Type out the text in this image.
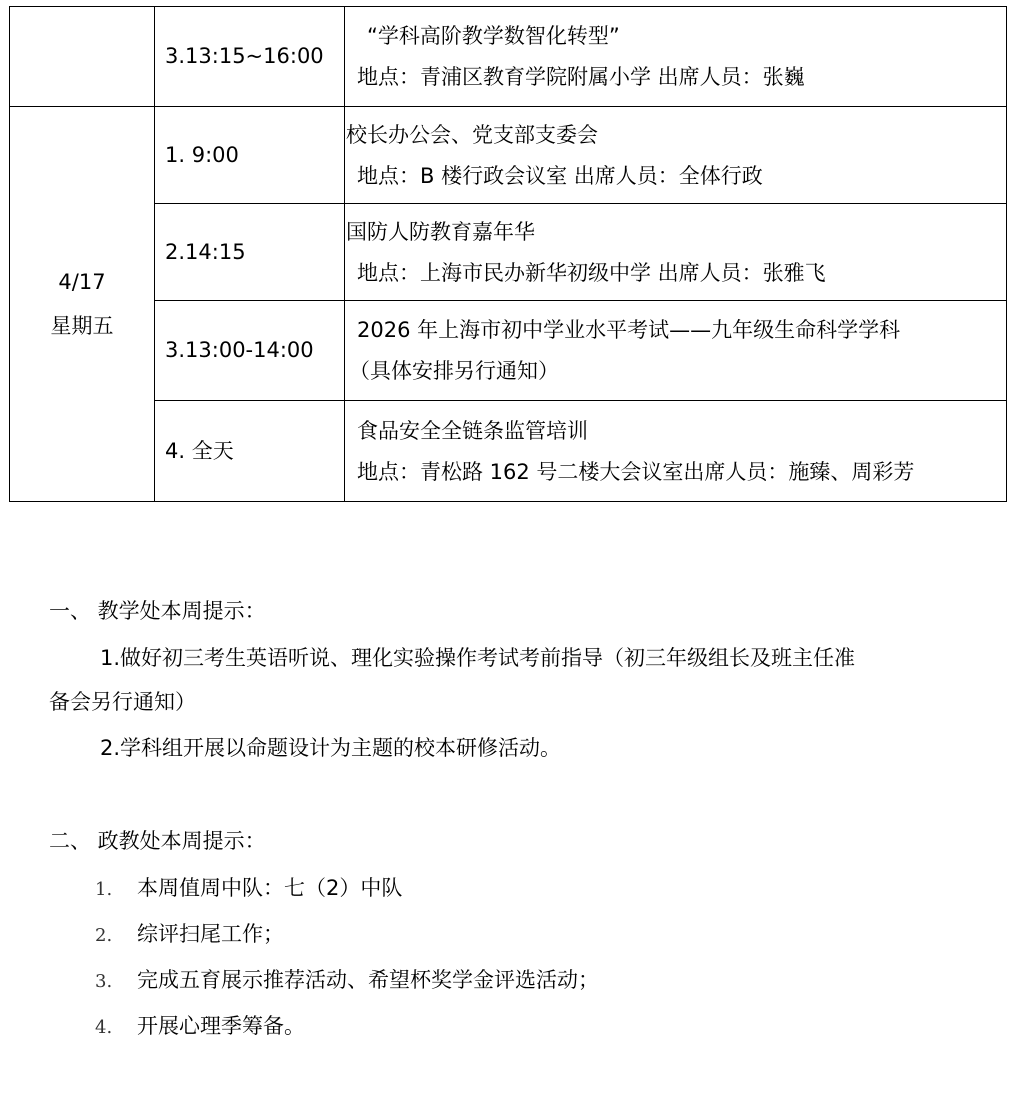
	3.13:15~16:00	“学科高阶教学数智化转型”
地点：青浦区教育学院附属小学 出席人员：张巍

4/17
星期五	1. 9:00	校长办公会、党支部支委会
地点：B 楼行政会议室 出席人员：全体行政

	2.14:15	国防人防教育嘉年华
地点：上海市民办新华初级中学 出席人员：张雅飞

	3.13:00-14:00	2026 年上海市初中学业水平考试——九年级生命科学学科
（具体安排另行通知）

	4. 全天	食品安全全链条监管培训
地点：青松路 162 号二楼大会议室出席人员：施臻、周彩芳
一、 教学处本周提示：
1.做好初三考生英语听说、理化实验操作考试考前指导（初三年级组长及班主任准
备会另行通知）
2.学科组开展以命题设计为主题的校本研修活动。
二、 政教处本周提示：
1. 本周值周中队：七（2）中队
2. 综评扫尾工作；
3. 完成五育展示推荐活动、希望杯奖学金评选活动；
4. 开展心理季筹备。
